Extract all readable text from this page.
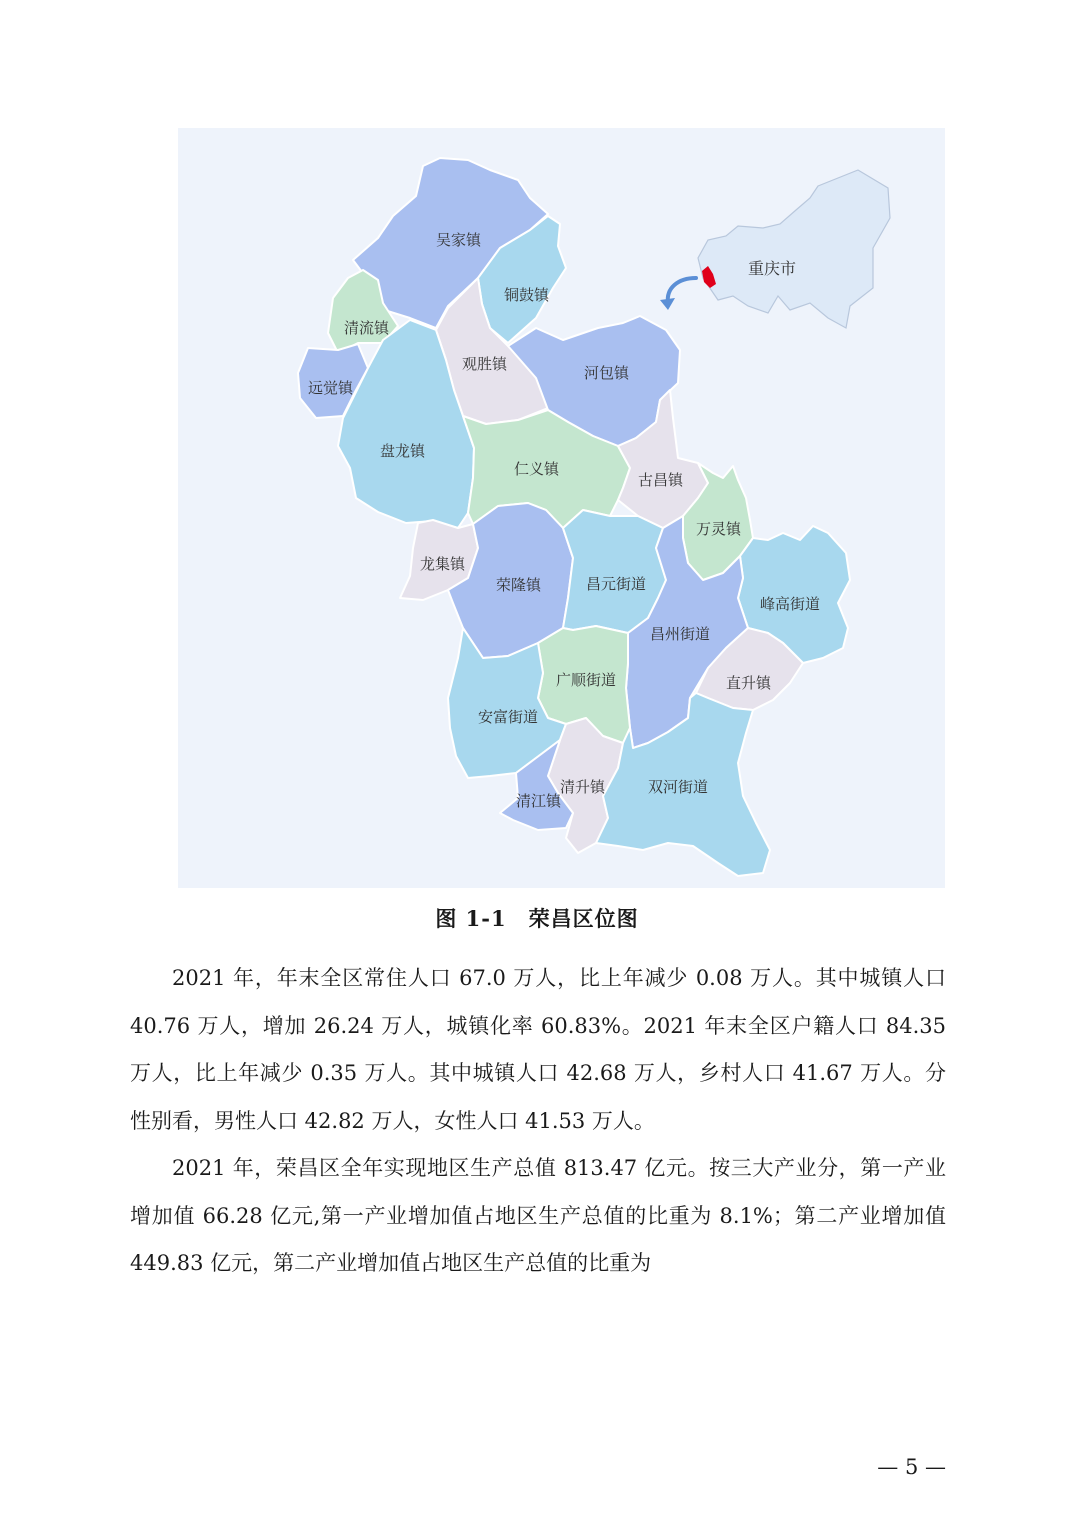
重庆市
吴家镇
铜鼓镇
清流镇
观胜镇	河包镇
远觉镇
盘龙镇
仁义镇
古昌镇
万灵镇
龙集镇
荣隆镇	昌元街道
峰高街道
昌州街道
广顺街道	直升镇
安富街道
清升镇	双河街道
清江镇
图 1-1　荣昌区位图

2021 年，年末全区常住人口 67.0 万人，比上年减少 0.08 万人。其中城镇人口 40.76 万人，增加 26.24 万人，城镇化率 60.83%。2021 年末全区户籍人口 84.35 万人，比上年减少 0.35 万人。其中城镇人口 42.68 万人，乡村人口 41.67 万人。分性别看，男性人口 42.82 万人，女性人口 41.53 万人。

2021 年，荣昌区全年实现地区生产总值 813.47 亿元。按三大产业分，第一产业增加值 66.28 亿元,第一产业增加值占地区生产总值的比重为 8.1%；第二产业增加值 449.83 亿元，第二产业增加值占地区生产总值的比重为

— 5 —
